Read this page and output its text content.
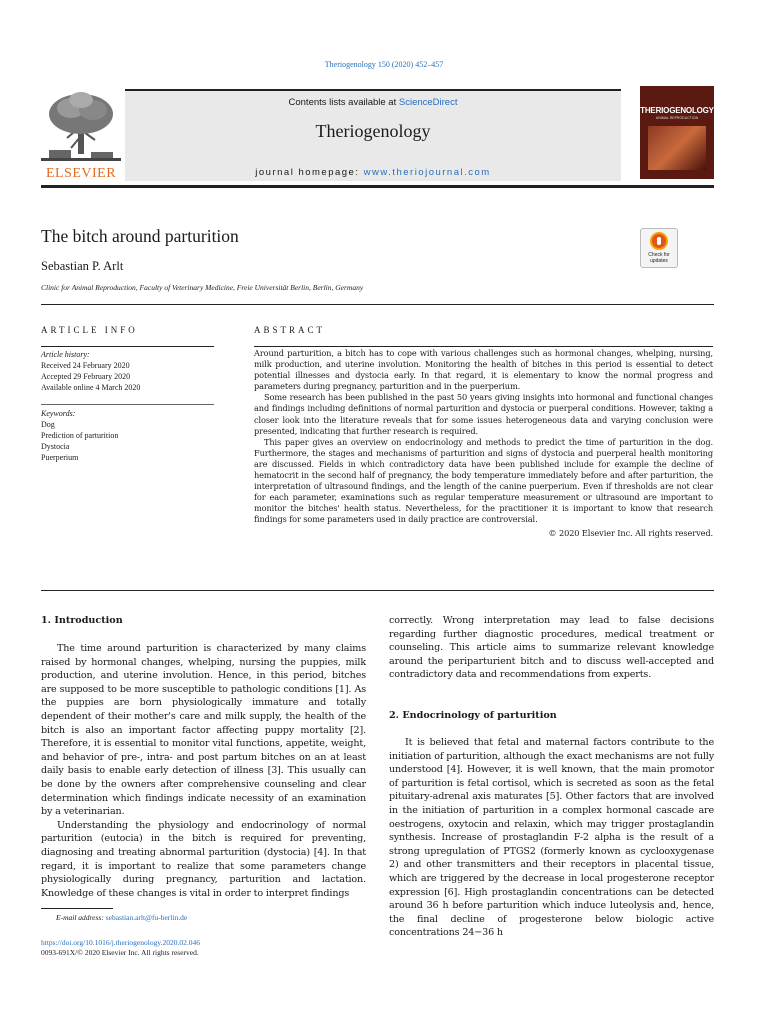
Theriogenology 150 (2020) 452–457
ELSEVIER
Contents lists available at ScienceDirect
Theriogenology
journal homepage: www.theriojournal.com
THERIOGENOLOGY
ANIMAL REPRODUCTION
The bitch around parturition
Sebastian P. Arlt
Clinic for Animal Reproduction, Faculty of Veterinary Medicine, Freie Universität Berlin, Berlin, Germany
Check for updates
ARTICLE INFO	ABSTRACT
Article history:
Received 24 February 2020
Accepted 29 February 2020
Available online 4 March 2020
Keywords:
Dog
Prediction of parturition
Dystocia
Puerperium

Around parturition, a bitch has to cope with various challenges such as hormonal changes, whelping, nursing, milk production, and uterine involution. Monitoring the health of bitches in this period is essential to detect potential illnesses and dystocia early. In that regard, it is elementary to know the normal progress and parameters during pregnancy, parturition and in the puerperium.

Some research has been published in the past 50 years giving insights into hormonal and functional changes and findings including definitions of normal parturition and dystocia or puerperal conditions. However, taking a closer look into the literature reveals that for some issues heterogeneous data and varying conclusion were presented, indicating that further research is required.

This paper gives an overview on endocrinology and methods to predict the time of parturition in the dog. Furthermore, the stages and mechanisms of parturition and signs of dystocia and puerperal health monitoring are discussed. Fields in which contradictory data have been published include for example the decline of hematocrit in the second half of pregnancy, the body temperature immediately before and after parturition, the interpretation of ultrasound findings, and the length of the canine puerperium. Even if thresholds are not clear for each parameter, examinations such as regular temperature measurement or ultrasound are important to monitor the bitches' health status. Nevertheless, for the practitioner it is important to know that research findings for some parameters used in daily practice are controversial.

© 2020 Elsevier Inc. All rights reserved.
1. Introduction

The time around parturition is characterized by many claims raised by hormonal changes, whelping, nursing the puppies, milk production, and uterine involution. Hence, in this period, bitches are supposed to be more susceptible to pathologic conditions [1]. As the puppies are born physiologically immature and totally dependent of their mother's care and milk supply, the health of the bitch is also an important factor affecting puppy mortality [2]. Therefore, it is essential to monitor vital functions, appetite, weight, and behavior of pre-, intra- and post partum bitches on an at least daily basis to enable early detection of illness [3]. This usually can be done by the owners after comprehensive counseling and clear determination which findings indicate necessity of an examination by a veterinarian.

Understanding the physiology and endocrinology of normal parturition (eutocia) in the bitch is required for preventing, diagnosing and treating abnormal parturition (dystocia) [4]. In that regard, it is important to realize that some parameters change physiologically during pregnancy, parturition and lactation. Knowledge of these changes is vital in order to interpret findings

correctly. Wrong interpretation may lead to false decisions regarding further diagnostic procedures, medical treatment or counseling. This article aims to summarize relevant knowledge around the periparturient bitch and to discuss well-accepted and contradictory data and recommendations from experts.

2. Endocrinology of parturition

It is believed that fetal and maternal factors contribute to the initiation of parturition, although the exact mechanisms are not fully understood [4]. However, it is well known, that the main promotor of parturition is fetal cortisol, which is secreted as soon as the fetal pituitary-adrenal axis maturates [5]. Other factors that are involved in the initiation of parturition in a complex hormonal cascade are oestrogens, oxytocin and relaxin, which may trigger prostaglandin synthesis. Increase of prostaglandin F-2 alpha is the result of a strong upregulation of PTGS2 (formerly known as cyclooxygenase 2) and other transmitters and their receptors in placental tissue, which are triggered by the decrease in local progesterone receptor expression [6]. High prostaglandin concentrations can be detected around 36 h before parturition which induce luteolysis and, hence, the final decline of progesterone below biologic active concentrations 24−36 h

E-mail address: sebastian.arlt@fu-berlin.de
https://doi.org/10.1016/j.theriogenology.2020.02.046
0093-691X/© 2020 Elsevier Inc. All rights reserved.
